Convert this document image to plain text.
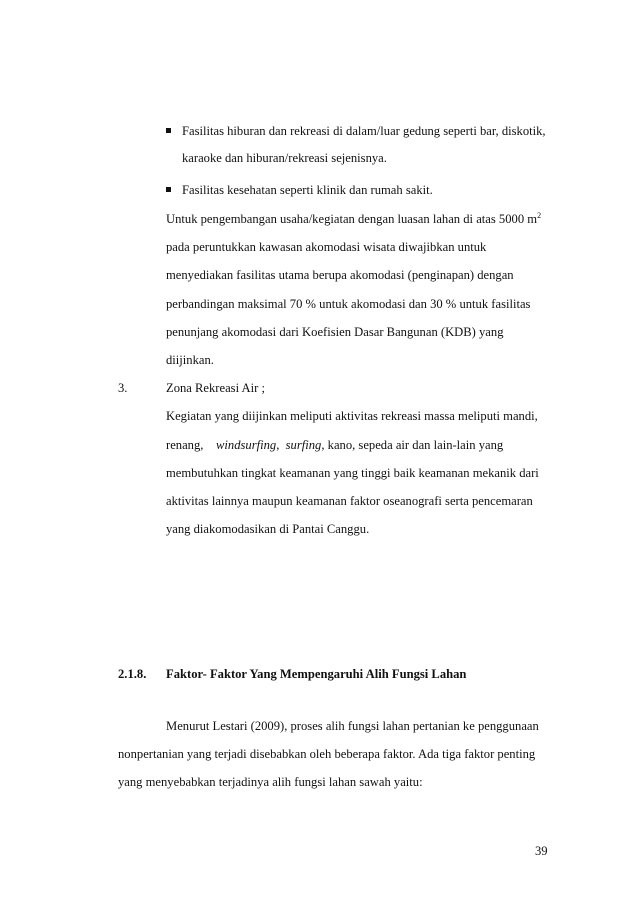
Fasilitas hiburan dan rekreasi di dalam/luar gedung seperti bar, diskotik,
karaoke dan hiburan/rekreasi sejenisnya.
Fasilitas kesehatan seperti klinik dan rumah sakit.
Untuk pengembangan usaha/kegiatan dengan luasan lahan di atas 5000 $m^2$
pada peruntukkan kawasan akomodasi wisata diwajibkan untuk
menyediakan fasilitas utama berupa akomodasi (penginapan) dengan
perbandingan maksimal 70 % untuk akomodasi dan 30 % untuk fasilitas
penunjang akomodasi dari Koefisien Dasar Bangunan (KDB) yang
diijinkan.
3.	Zona Rekreasi Air ;
Kegiatan yang diijinkan meliputi aktivitas rekreasi massa meliputi mandi,
renang, windsurfing, surfing, kano, sepeda air dan lain-lain yang
membutuhkan tingkat keamanan yang tinggi baik keamanan mekanik dari
aktivitas lainnya maupun keamanan faktor oseanografi serta pencemaran
yang diakomodasikan di Pantai Canggu.
2.1.8. Faktor- Faktor Yang Mempengaruhi Alih Fungsi Lahan
Menurut Lestari (2009), proses alih fungsi lahan pertanian ke penggunaan
nonpertanian yang terjadi disebabkan oleh beberapa faktor. Ada tiga faktor penting
yang menyebabkan terjadinya alih fungsi lahan sawah yaitu:
39
